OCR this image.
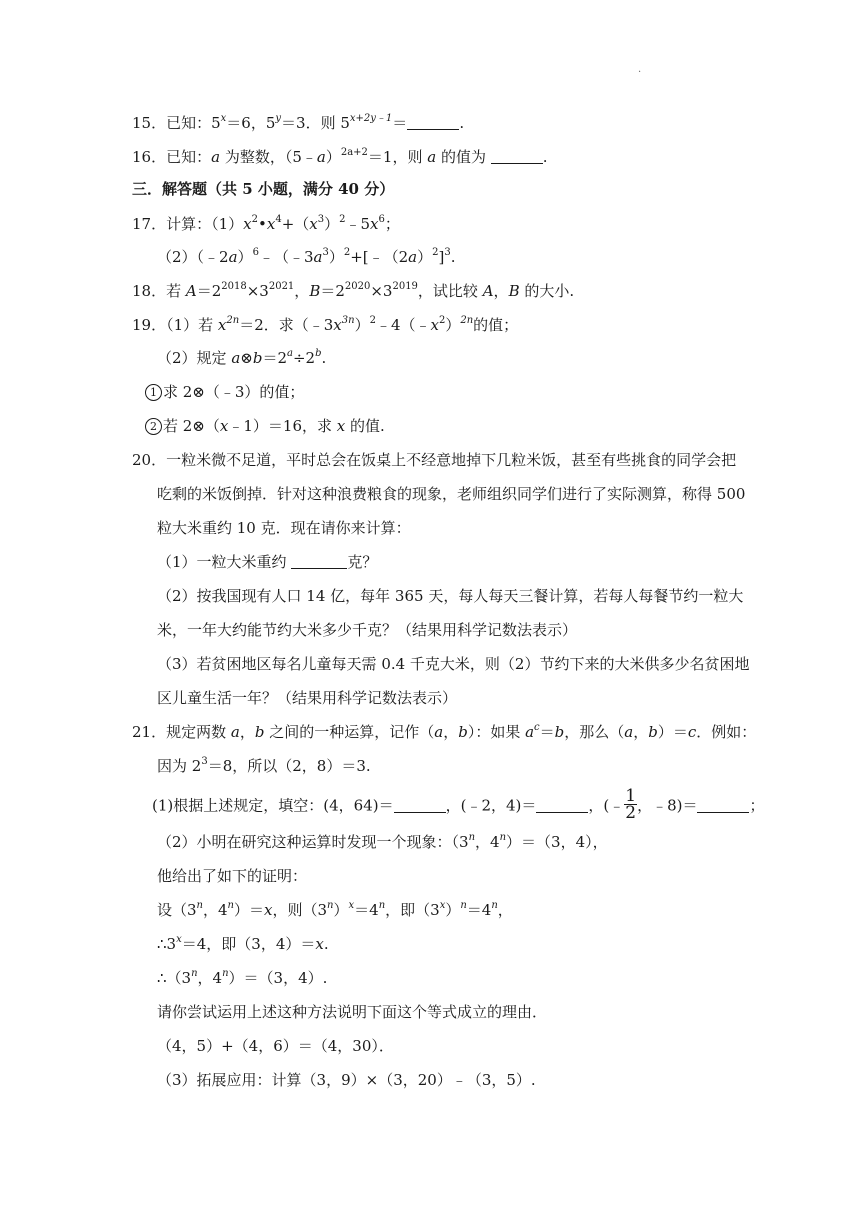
.
15．已知：$5^x=6$，$5^y=3$．则 $5^{x+2y﹣1}=$	.
16．已知：a 为整数，（5﹣a）$^{2a+2}$＝1，则 a 的值为	.
三．解答题（共 5 小题，满分 40 分）
17．计算：$(1)x^2•x^4+(x^3)^2﹣5x^6$；
$(2)(﹣2a)^6﹣(﹣3a^3)^2+[﹣(2a)^2]^3$.
18．若 $A=2^{2018}\times 3^{2021}$，$B=2^{2020}\times 3^{2019}$，试比较 A，B 的大小.
19．（1）若 $x^{2n}=2$．求$(﹣3x^{3n})^2﹣4(﹣x^2)^{2n}$的值；
（2）规定 $a\otimes b=2^a\div 2^b$.
1 求 2⊗（﹣3）的值；
2 若 2⊗（x﹣1）＝16，求 x 的值.
20．一粒米微不足道，平时总会在饭桌上不经意地掉下几粒米饭，甚至有些挑食的同学会把
吃剩的米饭倒掉．针对这种浪费粮食的现象，老师组织同学们进行了实际测算，称得 500
粒大米重约 10 克．现在请你来计算：
（1）一粒大米重约	克？
（2）按我国现有人口 14 亿，每年 365 天，每人每天三餐计算，若每人每餐节约一粒大
米，一年大约能节约大米多少千克？（结果用科学记数法表示）
（3）若贫困地区每名儿童每天需 0.4 千克大米，则（2）节约下来的大米供多少名贫困地
区儿童生活一年？（结果用科学记数法表示）
21．规定两数 a，b 之间的一种运算，记作（a，b）：如果 $a^c=b$，那么（a，b）＝c．例如：
因为 $2^3=8$，所以（2，8）＝3.
(1)根据上述规定，填空：(4，64)＝	，(﹣2，4)＝	，(﹣ $\frac{1}{2}$ ，﹣8)＝	；
（2）小明在研究这种运算时发现一个现象：（3$^n$，$4^n)=(3$，4），
他给出了如下的证明：
设（3$^n$，$4^n)=x$，则$(3^n)^x=4^n$，即$(3^x)^n=4^n$，
$\therefore 3^x=4$，即（3，4）＝x.
∴（3$^n$，$4^n)=(3$，4）.
请你尝试运用上述这种方法说明下面这个等式成立的理由．
（4，5）+（4，6）＝（4，30）．
（3）拓展应用：计算（3，9）×（3，20）﹣（3，5）.
